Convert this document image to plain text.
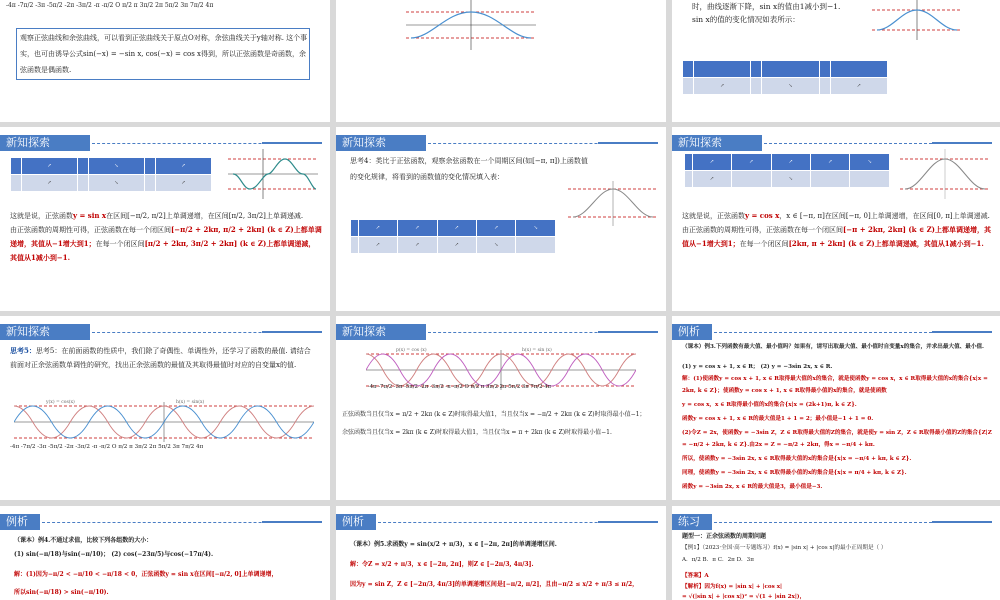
-4π -7π/2 -3π -5π/2 -2π -3π/2 -π -π/2 O π/2 π 3π/2 2π 5π/2 3π 7π/2 4π
观察正弦曲线和余弦曲线，可以看到正弦曲线关于原点O对称，余弦曲线关于y轴对称. 这个事实，也可由诱导公式sin(−x) = −sin x, cos(−x) = cos x得到，所以正弦函数是奇函数，余弦函数是偶函数.
时，曲线逐渐下降，sin x的值由1减小到−1.
sin x的值的变化情况如表所示：

	↗		↘		↗
新知探索
	↗		↘		↗
	↗		↘		↗
这就是说，正弦函数y = sin x在区间[−π/2, π/2]上单调递增，在区间[π/2, 3π/2]上单调递减.
由正弦函数的周期性可得，正弦函数在每一个闭区间[−π/2 + 2kπ, π/2 + 2kπ] (k ∈ Z)上都单调递增，其值从−1增大到1；在每一个闭区间[π/2 + 2kπ, 3π/2 + 2kπ] (k ∈ Z)上都单调递减，其值从1减小到−1.
新知探索
思考4：类比于正弦函数，观察余弦函数在一个周期区间(如[−π, π])上函数值
的变化规律，将看到的函数值的变化情况填入表：
	↗	↗	↗	↗	↘
	↗	↗	↗	↘	
新知探索
	↗	↗	↗	↗	↘
	↗		↘		
这就是说，正弦函数y = cos x，x ∈ [−π, π]在区间[−π, 0]上单调递增，在区间[0, π]上单调递减.
由正弦函数的周期性可得，正弦函数在每一个闭区间[−π + 2kπ, 2kπ] (k ∈ Z)上都单调递增，其值从−1增大到1；在每一个闭区间[2kπ, π + 2kπ] (k ∈ Z)上都单调递减，其值从1减小到−1.
新知探索
思考5：思考5：在前面函数的性质中，我们除了奇偶性、单调性外，还学习了函数的最值. 请结合前面对正余弦函数单调性的研究，找出正余弦函数的最值及其取得最值时对应的自变量x的值.
y(x) = cos(x)	h(x) = sin(x)
-4π -7π/2 -3π -5π/2 -2π -3π/2 -π -π/2 O π/2 π 3π/2 2π 5π/2 3π 7π/2 4π
新知探索
p(x) = cos (x)	h(x) = sin (x)
-4π -7π/2 -3π -5π/2 -2π -3π/2 -π -π/2 O π/2 π 3π/2 2π 5π/2 3π 7π/2 4π
正弦函数当且仅当x = π/2 + 2kπ (k ∈ Z)时取得最大值1，当且仅当x = −π/2 + 2kπ (k ∈ Z)时取得最小值−1；
余弦函数当且仅当x = 2kπ (k ∈ Z)时取得最大值1，当且仅当x = π + 2kπ (k ∈ Z)时取得最小值−1.
例析
（课本）例3.下列函数有最大值、最小值吗？如果有，请写出取最大值、最小值时自变量x的集合，并求出最大值、最小值.
(1) y = cos x + 1, x ∈ R； (2) y = −3sin 2x, x ∈ R.
解：(1)使函数y = cos x + 1, x ∈ R取得最大值的x的集合，就是使函数y = cos x，x ∈ R取得最大值的x的集合{x|x = 2kπ, k ∈ Z}；使函数y = cos x + 1, x ∈ R取得最小值的x的集合，就是使函数
y = cos x，x ∈ R取得最小值的x的集合{x|x = (2k+1)π, k ∈ Z}.
函数y = cos x + 1, x ∈ R的最大值是1 + 1 = 2；最小值是−1 + 1 = 0.
(2)令Z = 2x，使函数y = −3sin Z，Z ∈ R取得最大值的Z的集合，就是使y = sin Z，Z ∈ R取得最小值的Z的集合{Z|Z = −π/2 + 2kπ, k ∈ Z}.由2x = Z = −π/2 + 2kπ，得x = −π/4 + kπ.
所以，使函数y = −3sin 2x, x ∈ R取得最大值的x的集合是{x|x = −π/4 + kπ, k ∈ Z}.
同理，使函数y = −3sin 2x, x ∈ R取得最小值的x的集合是{x|x = π/4 + kπ, k ∈ Z}.
函数y = −3sin 2x, x ∈ R的最大值是3，最小值是−3.
例析
（课本）例4.不通过求值，比较下列各组数的大小：
(1) sin(−π/18)与sin(−π/10)； (2) cos(−23π/5)与cos(−17π/4).
解：(1)因为−π/2 < −π/10 < −π/18 < 0，正弦函数y = sin x在区间[−π/2, 0]上单调递增，
所以sin(−π/18) > sin(−π/10).
例析
（课本）例5.求函数y = sin(x/2 + π/3)，x ∈ [−2π, 2π]的单调递增区间.
解：令Z = x/2 + π/3，x ∈ [−2π, 2π]，则Z ∈ [−2π/3, 4π/3].
因为y = sin Z，Z ∈ [−2π/3, 4π/3]的单调递增区间是[−π/2, π/2]，且由−π/2 ≤ x/2 + π/3 ≤ π/2，
练习
题型一：正余弦函数的周期问题
【例1】（2023·全国·高一专题练习）f(x) = |sin x| + |cos x|的最小正周期是（ ）
A．π/2 B．π C．2π D．3π
【答案】A
【解析】因为f(x) = |sin x| + |cos x|
= √(|sin x| + |cos x|)² = √(1 + |sin 2x|)，
